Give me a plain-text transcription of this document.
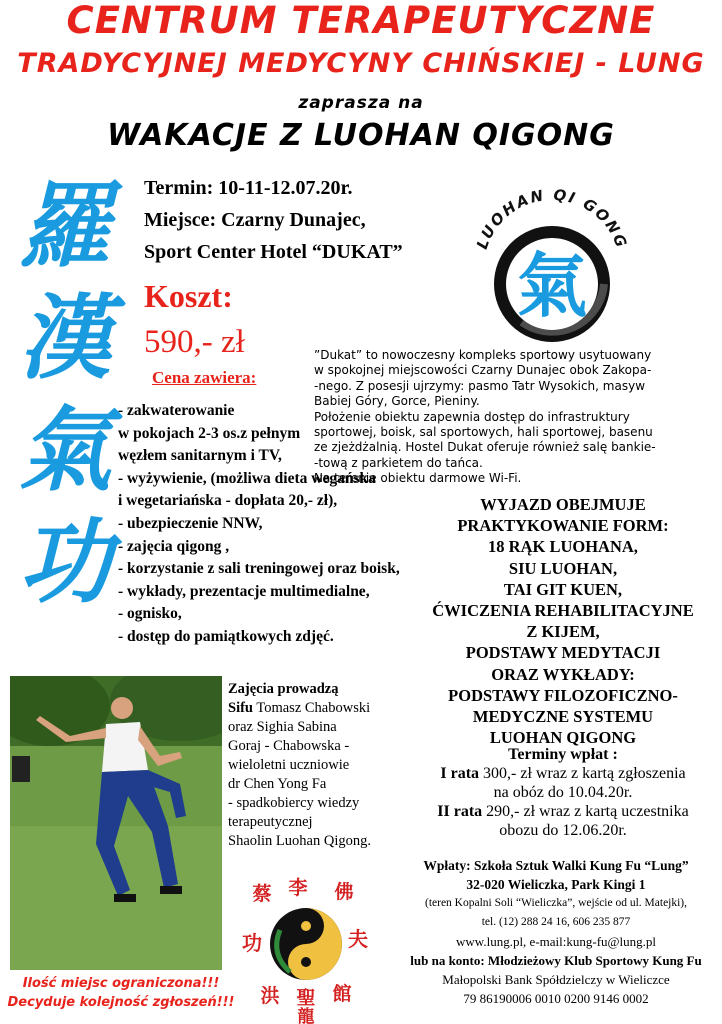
CENTRUM TERAPEUTYCZNE
TRADYCYJNEJ MEDYCYNY CHIŃSKIEJ - LUNG
zaprasza na
WAKACJE Z LUOHAN QIGONG
羅
漢
氣
功
Termin: 10-11-12.07.20r.
Miejsce: Czarny Dunajec,
Sport Center Hotel “DUKAT”
Koszt:
590,- zł
Cena zawiera:
- zakwaterowanie
w pokojach 2-3 os.z pełnym
węzłem sanitarnym i TV,
- wyżywienie, (możliwa dieta wegańska
i wegetariańska - dopłata 20,- zł),
- ubezpieczenie NNW,
- zajęcia qigong ,
- korzystanie z sali treningowej oraz boisk,
- wykłady, prezentacje multimedialne,
- ognisko,
- dostęp do pamiątkowych zdjęć.
LUOHAN QI GONG
氣
”Dukat” to nowoczesny kompleks sportowy usytuowany
w spokojnej miejscowości Czarny Dunajec obok Zakopa-
-nego. Z posesji ujrzymy: pasmo Tatr Wysokich, masyw
Babiej Góry, Gorce, Pieniny.
Położenie obiektu zapewnia dostęp do infrastruktury
sportowej, boisk, sal sportowych, hali sportowej, basenu
ze zjeżdżalnią. Hostel Dukat oferuje również salę bankie-
-tową z parkietem do tańca.
Na terenie obiektu darmowe Wi-Fi.
WYJAZD OBEJMUJE
PRAKTYKOWANIE FORM:
18 RĄK LUOHANA,
SIU LUOHAN,
TAI GIT KUEN,
ĆWICZENIA REHABILITACYJNE
Z KIJEM,
PODSTAWY MEDYTACJI
ORAZ WYKŁADY:
PODSTAWY FILOZOFICZNO-
MEDYCZNE SYSTEMU
LUOHAN QIGONG
Terminy wpłat :
I rata 300,- zł wraz z kartą zgłoszenia
na obóz do 10.04.20r.
II rata 290,- zł wraz z kartą uczestnika
obozu do 12.06.20r.
Wpłaty: Szkoła Sztuk Walki Kung Fu “Lung”
32-020 Wieliczka, Park Kingi 1
(teren Kopalni Soli “Wieliczka”, wejście od ul. Matejki),
tel. (12) 288 24 16, 606 235 877
www.lung.pl, e-mail:kung-fu@lung.pl
lub na konto: Młodzieżowy Klub Sportowy Kung Fu
Małopolski Bank Spółdzielczy w Wieliczce
79 86190006 0010 0200 9146 0002
Zajęcia prowadzą
Sifu Tomasz Chabowski
oraz Sighia Sabina
Goraj - Chabowska -
wieloletni uczniowie
dr Chen Yong Fa
- spadkobiercy wiedzy
terapeutycznej
Shaolin Luohan Qigong.
蔡 李 佛
功	夫
洪	館
聖
龍
Ilość miejsc ograniczona!!!
Decyduje kolejność zgłoszeń!!!
